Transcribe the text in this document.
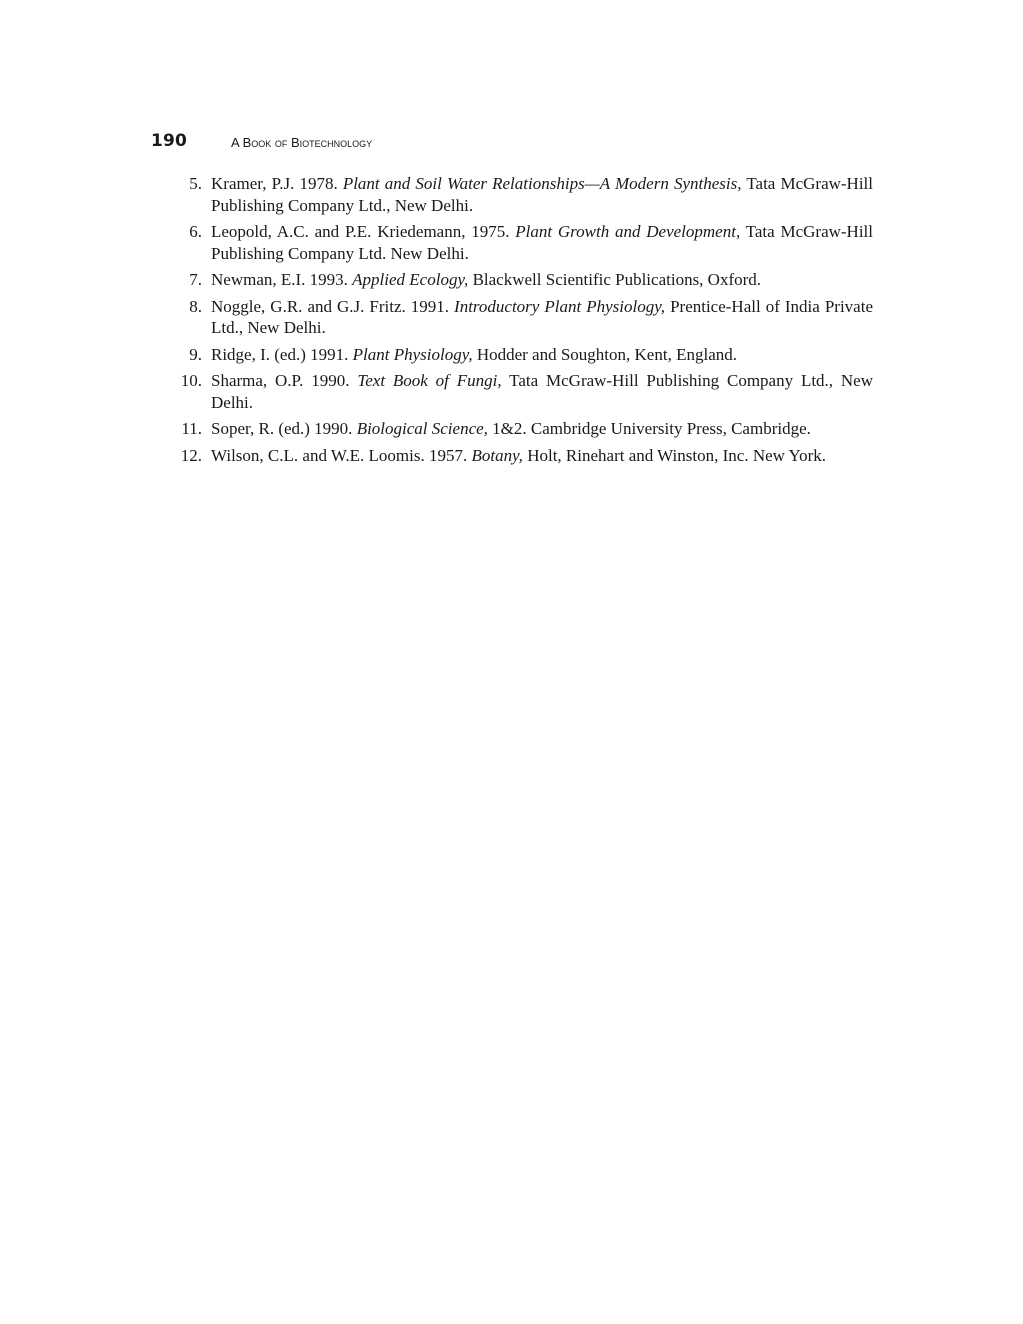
190	A Book of Biotechnology
5. Kramer, P.J. 1978. Plant and Soil Water Relationships—A Modern Synthesis, Tata McGraw-Hill Publishing Company Ltd., New Delhi.
6. Leopold, A.C. and P.E. Kriedemann, 1975. Plant Growth and Development, Tata McGraw-Hill Publishing Company Ltd. New Delhi.
7. Newman, E.I. 1993. Applied Ecology, Blackwell Scientific Publications, Oxford.
8. Noggle, G.R. and G.J. Fritz. 1991. Introductory Plant Physiology, Prentice-Hall of India Private Ltd., New Delhi.
9. Ridge, I. (ed.) 1991. Plant Physiology, Hodder and Soughton, Kent, England.
10. Sharma, O.P. 1990. Text Book of Fungi, Tata McGraw-Hill Publishing Company Ltd., New Delhi.
11. Soper, R. (ed.) 1990. Biological Science, 1&2. Cambridge University Press, Cambridge.
12. Wilson, C.L. and W.E. Loomis. 1957. Botany, Holt, Rinehart and Winston, Inc. New York.
